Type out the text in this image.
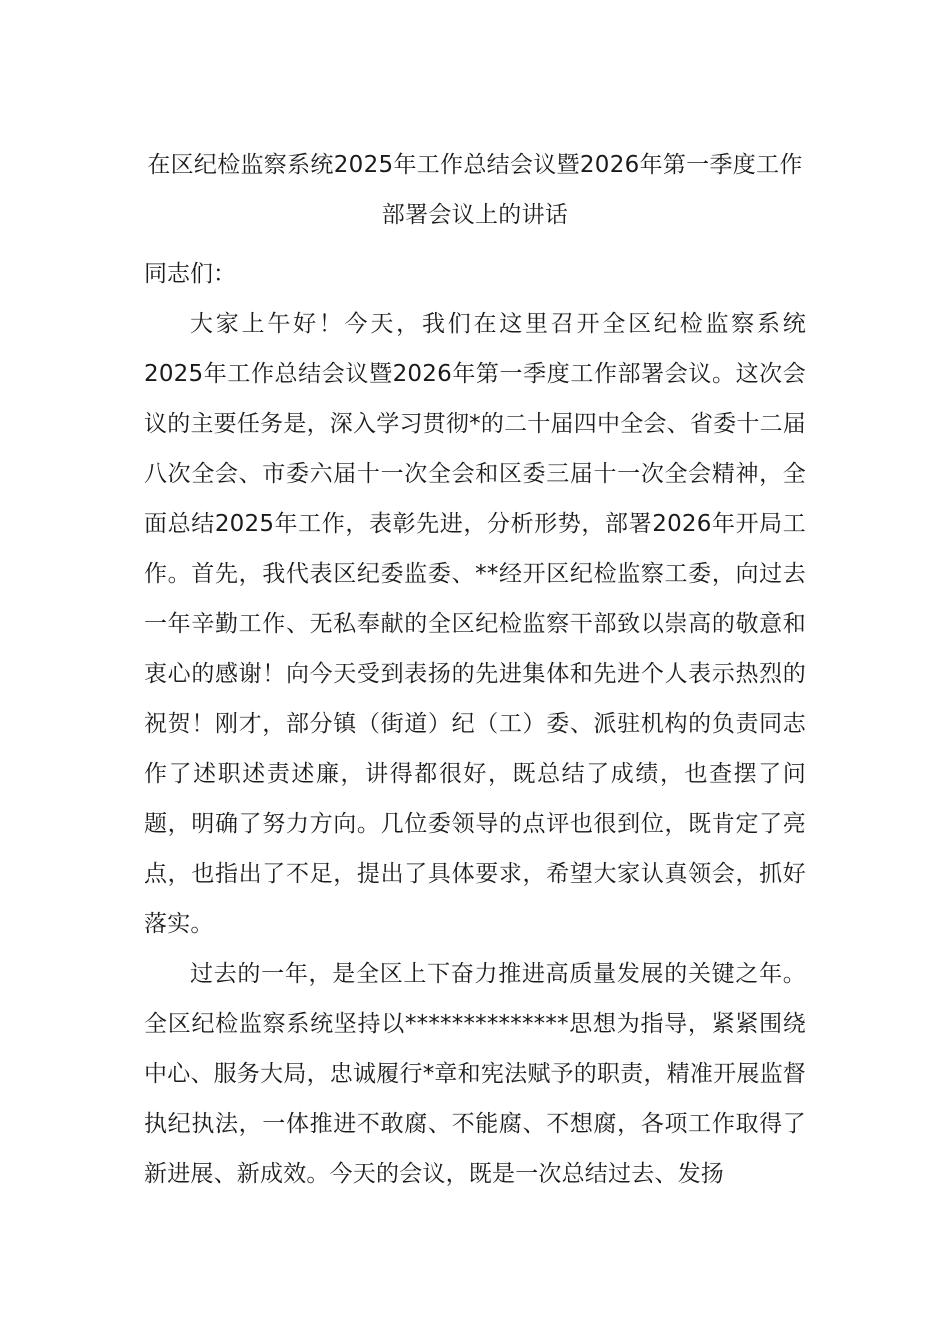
在区纪检监察系统2025年工作总结会议暨2026年第一季度工作部署会议上的讲话

同志们：

大家上午好！今天，我们在这里召开全区纪检监察系统2025年工作总结会议暨2026年第一季度工作部署会议。这次会议的主要任务是，深入学习贯彻*的二十届四中全会、省委十二届八次全会、市委六届十一次全会和区委三届十一次全会精神，全面总结2025年工作，表彰先进，分析形势，部署2026年开局工作。首先，我代表区纪委监委、**经开区纪检监察工委，向过去一年辛勤工作、无私奉献的全区纪检监察干部致以崇高的敬意和衷心的感谢！向今天受到表扬的先进集体和先进个人表示热烈的祝贺！刚才，部分镇（街道）纪（工）委、派驻机构的负责同志作了述职述责述廉，讲得都很好，既总结了成绩，也查摆了问题，明确了努力方向。几位委领导的点评也很到位，既肯定了亮点，也指出了不足，提出了具体要求，希望大家认真领会，抓好落实。

过去的一年，是全区上下奋力推进高质量发展的关键之年。全区纪检监察系统坚持以**************思想为指导，紧紧围绕中心、服务大局，忠诚履行*章和宪法赋予的职责，精准开展监督执纪执法，一体推进不敢腐、不能腐、不想腐，各项工作取得了新进展、新成效。今天的会议，既是一次总结过去、发扬
